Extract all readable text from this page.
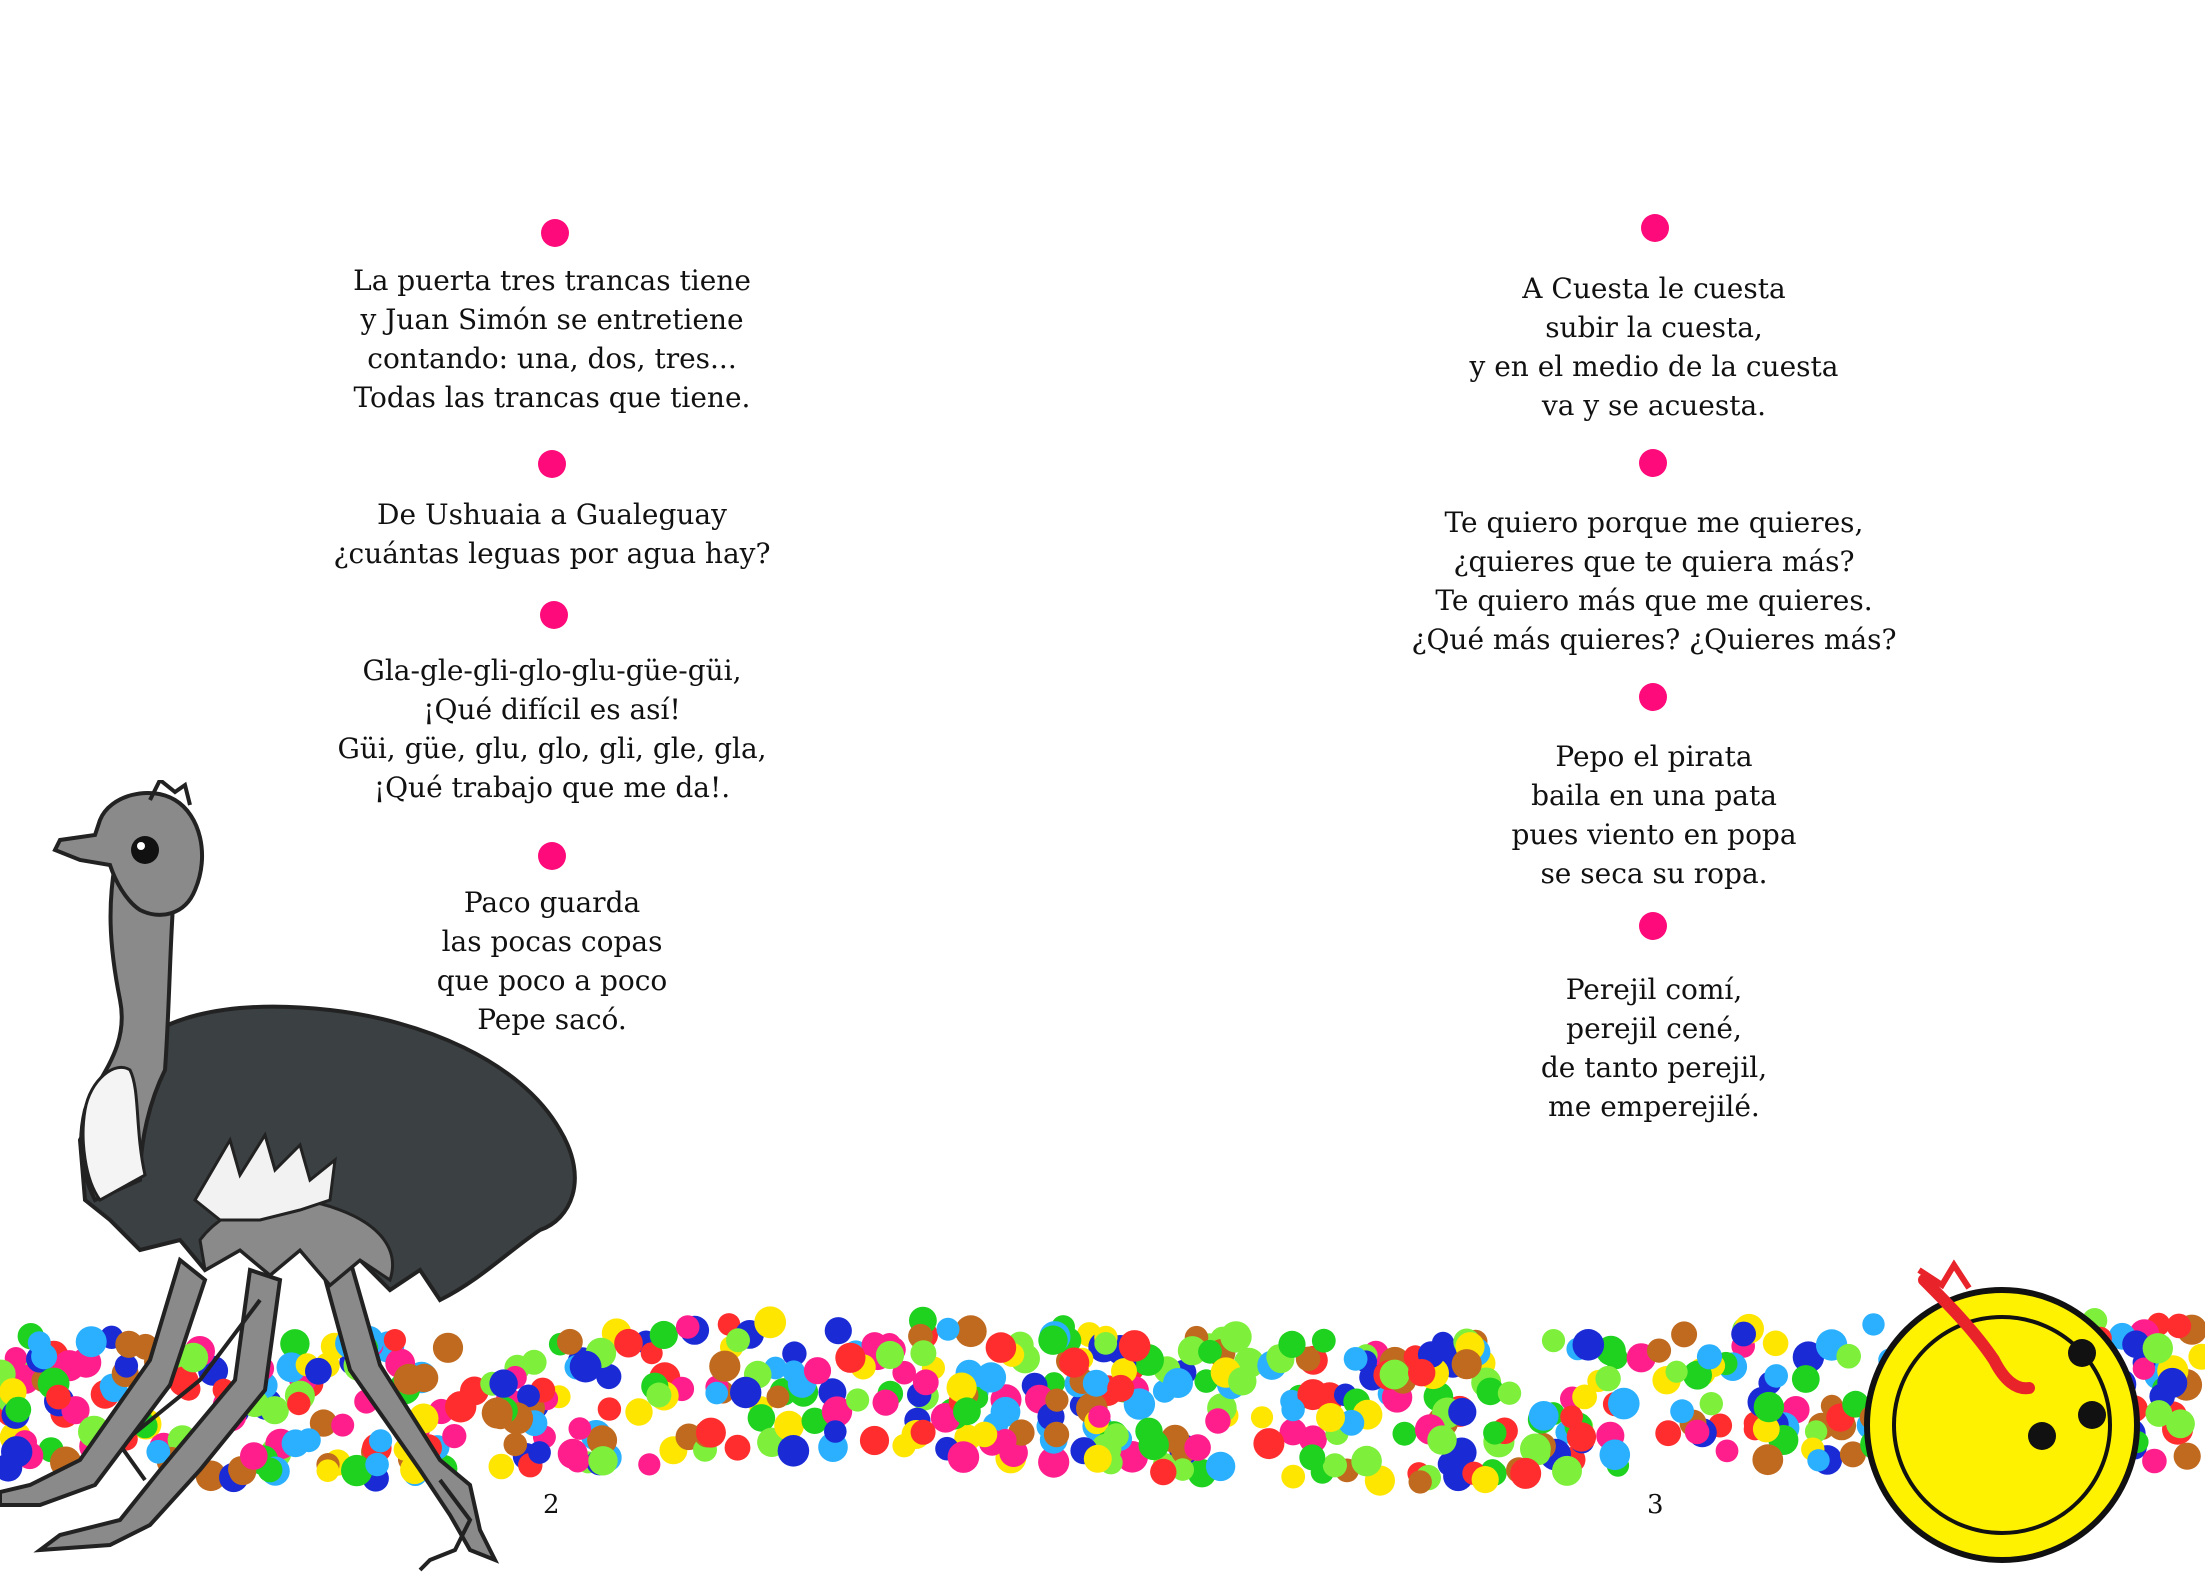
La puerta tres trancas tiene
y Juan Simón se entretiene
contando: una, dos, tres...
Todas las trancas que tiene.
De Ushuaia a Gualeguay
¿cuántas leguas por agua hay?
Gla-gle-gli-glo-glu-güe-güi,
¡Qué difícil es así!
Güi, güe, glu, glo, gli, gle, gla,
¡Qué trabajo que me da!.
Paco guarda
las pocas copas
que poco a poco
Pepe sacó.
2
A Cuesta le cuesta
subir la cuesta,
y en el medio de la cuesta
va y se acuesta.
Te quiero porque me quieres,
¿quieres que te quiera más?
Te quiero más que me quieres.
¿Qué más quieres? ¿Quieres más?
Pepo el pirata
baila en una pata
pues viento en popa
se seca su ropa.
Perejil comí,
perejil cené,
de tanto perejil,
me emperejilé.
3
